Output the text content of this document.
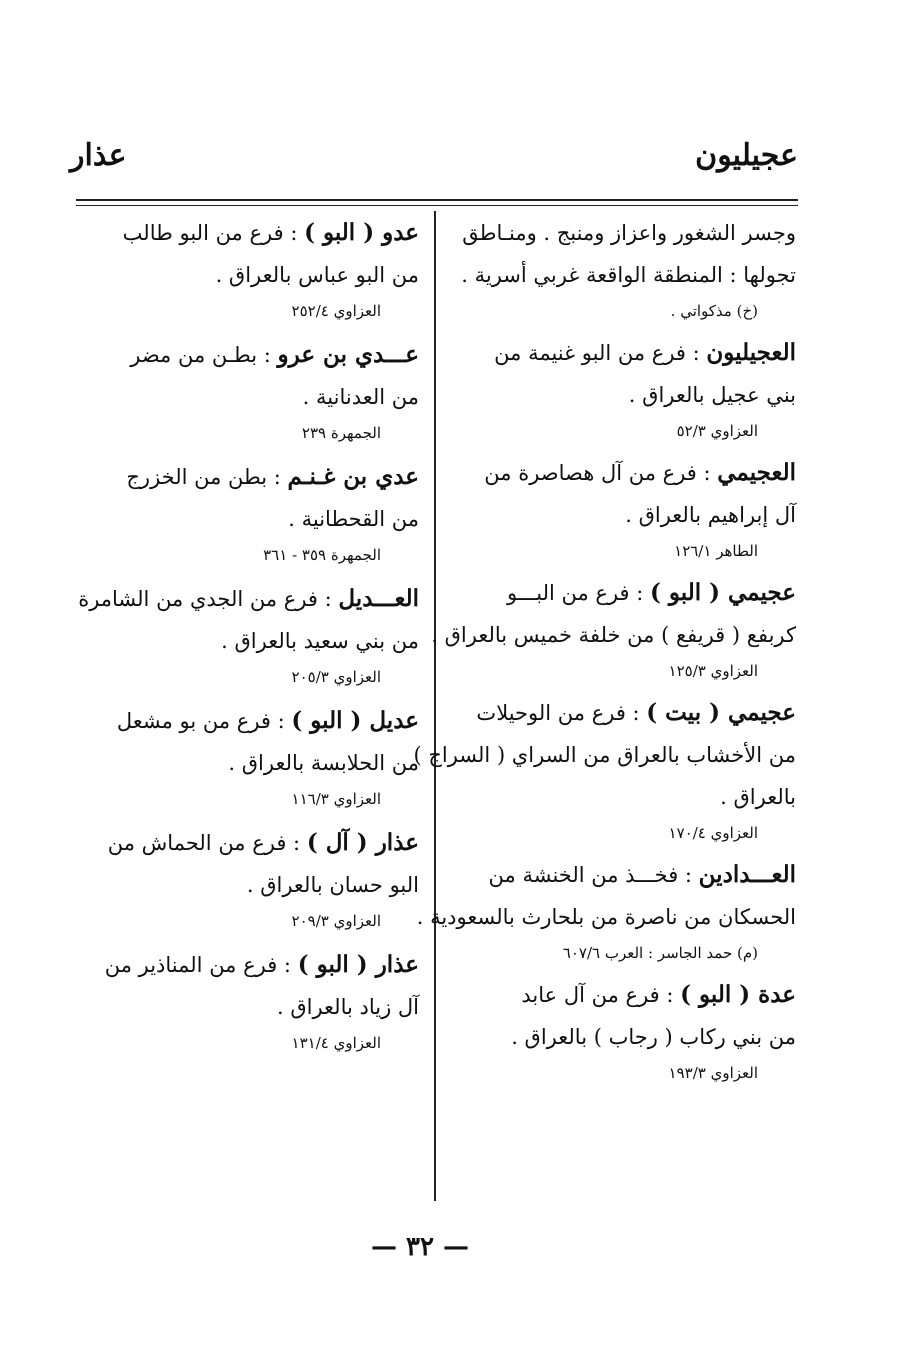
عجيليون
عذار
وجسر الشغور واعزاز ومنبج . ومنـاطق
تجولها : المنطقة الواقعة غربي أسرية .
(خ) مذكواتي .
العجيليون : فرع من البو غنيمة من
بني عجيل بالعراق .
العزاوي ٥٢/٣
العجيمي : فرع من آل هصاصرة من
آل إبراهيم بالعراق .
الطاهر ١٢٦/١
عجيمي ( البو ) : فرع من البـــو
كربفع ( قريفع ) من خلفة خميس بالعراق .
العزاوي ١٢٥/٣
عجيمي ( بيت ) : فرع من الوحيلات
من الأخشاب بالعراق من السراي ( السراج )
بالعراق .
العزاوي ١٧٠/٤
العـــدادين : فخـــذ من الخنشة من
الحسكان من ناصرة من بلحارث بالسعودية .
(م) حمد الجاسر : العرب ٦٠٧/٦
عدة ( البو ) : فرع من آل عابد
من بني ركاب ( رجاب ) بالعراق .
العزاوي ١٩٣/٣
عدو ( البو ) : فرع من البو طالب
من البو عباس بالعراق .
العزاوي ٢٥٢/٤
عـــدي بن عرو : بطـن من مضر
من العدنانية .
الجمهرة ٢٣٩
عدي بن غـنـم : بطن من الخزرج
من القحطانية .
الجمهرة ٣٥٩ - ٣٦١
العـــديل : فرع من الجدي من الشامرة
من بني سعيد بالعراق .
العزاوي ٢٠٥/٣
عديل ( البو ) : فرع من بو مشعل
من الحلابسة بالعراق .
العزاوي ١١٦/٣
عذار ( آل ) : فرع من الحماش من
البو حسان بالعراق .
العزاوي ٢٠٩/٣
عذار ( البو ) : فرع من المناذير من
آل زياد بالعراق .
العزاوي ١٣١/٤
— ٣٢ —
